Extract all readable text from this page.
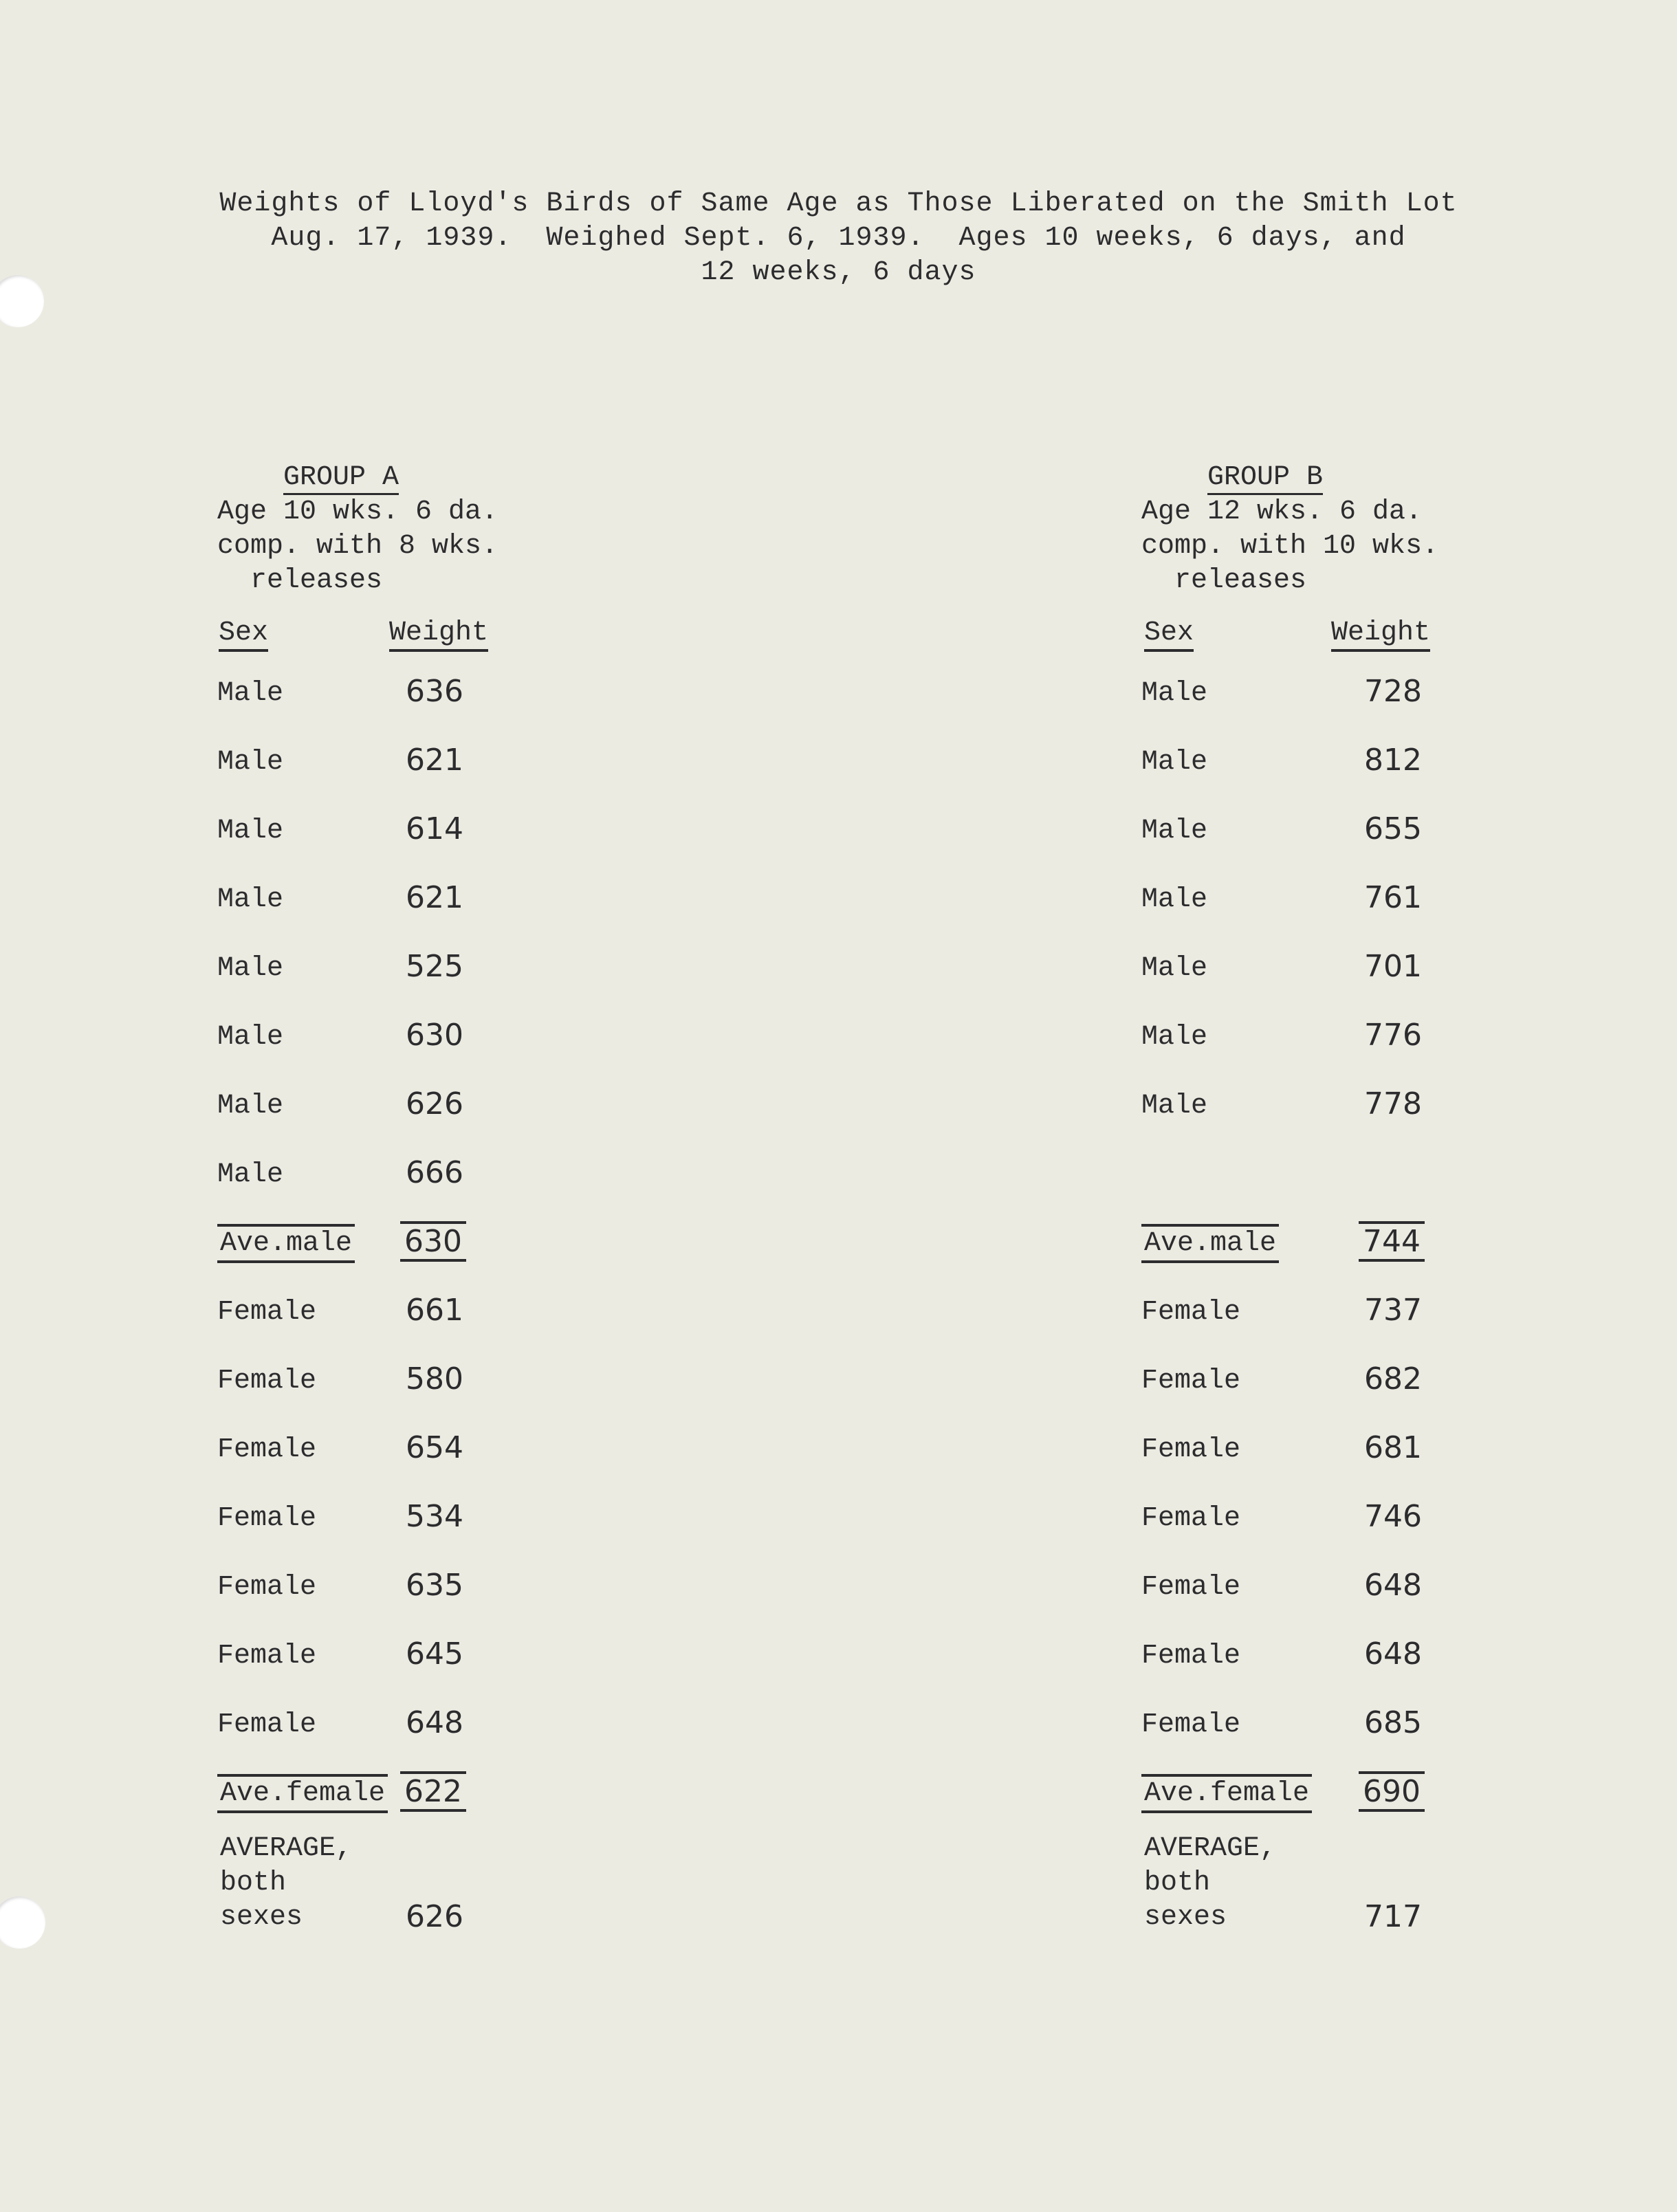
Weights of Lloyd's Birds of Same Age as Those Liberated on the Smith Lot
Aug. 17, 1939.  Weighed Sept. 6, 1939.  Ages 10 weeks, 6 days, and
12 weeks, 6 days
GROUP A
Age 10 wks. 6 da.
comp. with 8 wks.
releases
Sex	Weight
Male	636
Male	621
Male	614
Male	621
Male	525
Male	630
Male	626
Male	666
Ave.male 630
Female	661
Female	580
Female	654
Female	534
Female	635
Female	645
Female	648
Ave.female 622
AVERAGE,
both
sexes	626
GROUP B
Age 12 wks. 6 da.
comp. with 10 wks.
releases
Sex	Weight
Male	728
Male	812
Male	655
Male	761
Male	701
Male	776
Male	778
Ave.male	744
Female	737
Female	682
Female	681
Female	746
Female	648
Female	648
Female	685
Ave.female 690
AVERAGE,
both
sexes	717
